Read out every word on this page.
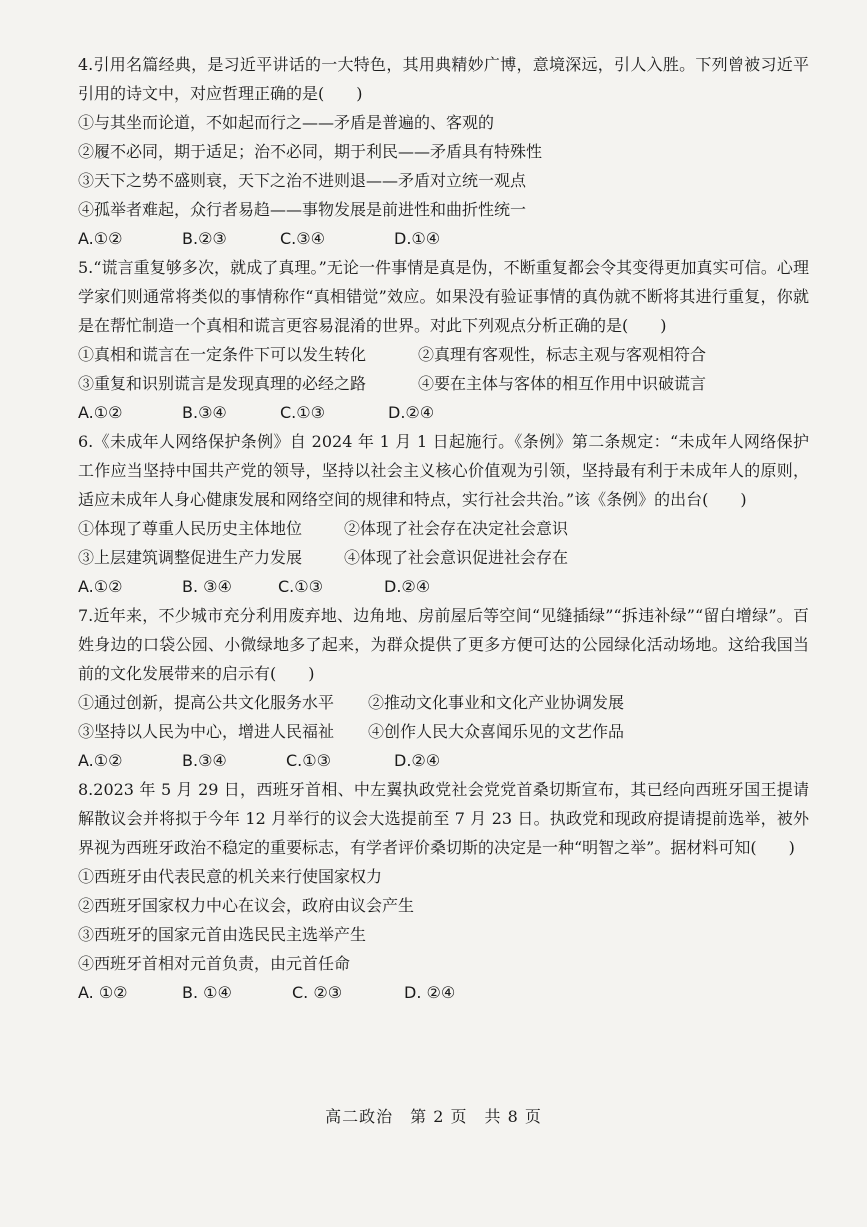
4.引用名篇经典，是习近平讲话的一大特色，其用典精妙广博，意境深远，引人入胜。下列曾被习近平引用的诗文中，对应哲理正确的是(　　)

①与其坐而论道，不如起而行之——矛盾是普遍的、客观的

②履不必同，期于适足；治不必同，期于利民——矛盾具有特殊性

③天下之势不盛则衰，天下之治不进则退——矛盾对立统一观点

④孤举者难起，众行者易趋——事物发展是前进性和曲折性统一

A.①②	B.②③	C.③④	D.①④

5.“谎言重复够多次，就成了真理。”无论一件事情是真是伪，不断重复都会令其变得更加真实可信。心理学家们则通常将类似的事情称作“真相错觉”效应。如果没有验证事情的真伪就不断将其进行重复，你就是在帮忙制造一个真相和谎言更容易混淆的世界。对此下列观点分析正确的是(　　)

①真相和谎言在一定条件下可以发生转化	②真理有客观性，标志主观与客观相符合
③重复和识别谎言是发现真理的必经之路	④要在主体与客体的相互作用中识破谎言
A.①②	B.③④	C.①③	D.②④

6.《未成年人网络保护条例》自 2024 年 1 月 1 日起施行。《条例》第二条规定：“未成年人网络保护工作应当坚持中国共产党的领导，坚持以社会主义核心价值观为引领，坚持最有利于未成年人的原则，适应未成年人身心健康发展和网络空间的规律和特点，实行社会共治。”该《条例》的出台(　　)

①体现了尊重人民历史主体地位	②体现了社会存在决定社会意识
③上层建筑调整促进生产力发展	④体现了社会意识促进社会存在
A.①②	B. ③④	C.①③	D.②④

7.近年来，不少城市充分利用废弃地、边角地、房前屋后等空间“见缝插绿”“拆违补绿”“留白增绿”。百姓身边的口袋公园、小微绿地多了起来，为群众提供了更多方便可达的公园绿化活动场地。这给我国当前的文化发展带来的启示有(　　)

①通过创新，提高公共文化服务水平	②推动文化事业和文化产业协调发展
③坚持以人民为中心，增进人民福祉	④创作人民大众喜闻乐见的文艺作品
A.①②	B.③④	C.①③	D.②④

8.2023 年 5 月 29 日，西班牙首相、中左翼执政党社会党党首桑切斯宣布，其已经向西班牙国王提请解散议会并将拟于今年 12 月举行的议会大选提前至 7 月 23 日。执政党和现政府提请提前选举，被外界视为西班牙政治不稳定的重要标志，有学者评价桑切斯的决定是一种“明智之举”。据材料可知(　　)

①西班牙由代表民意的机关来行使国家权力

②西班牙国家权力中心在议会，政府由议会产生

③西班牙的国家元首由选民民主选举产生

④西班牙首相对元首负责，由元首任命

A. ①②	B. ①④	C. ②③	D. ②④
高二政治　第 2 页　共 8 页
